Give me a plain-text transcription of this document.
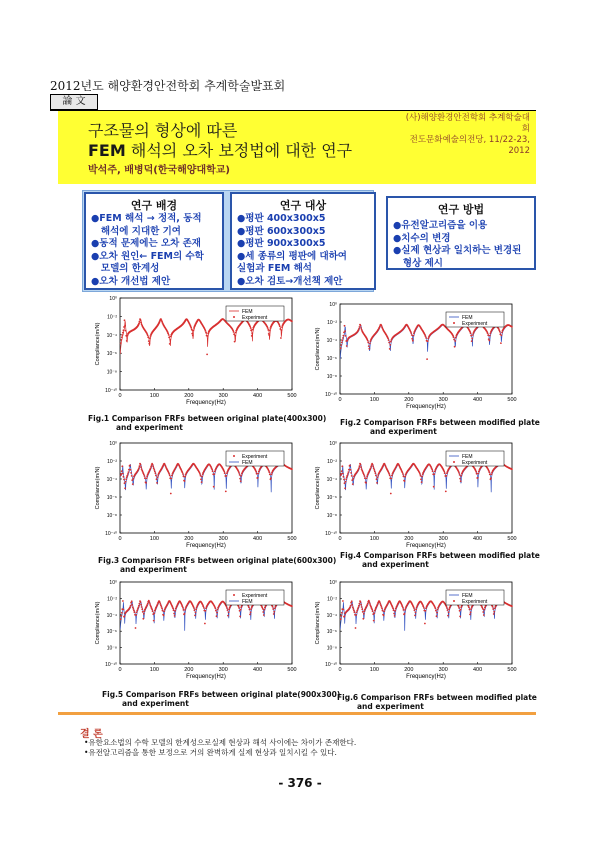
2012년도 해양환경안전학회 추계학술발표회
論 文
구조물의 형상에 따른
FEM 해석의 오차 보정법에 대한 연구
박석주, 배병덕(한국해양대학교)
(사)해양환경안전학회 추계학술대회
전도문화예술의전당, 11/22-23, 2012
연구 배경
●FEM 해석 → 정적, 동적
해석에 지대한 기여
●동적 문제에는 오차 존재
●오차 원인← FEM의 수학
모델의 한계성
●오차 개선법 제안
연구 대상
●평판 400x300x5
●평판 600x300x5
●평판 900x300x5
●세 종류의 평판에 대하여
실험과 FEM 해석
●오차 검토→개선책 제안
연구 방법
●유전알고리즘을 이용
●치수의 변경
●실제 현상과 일치하는 변경된
형상 제시
0	100	200	300	400	500
10⁰
10⁻²
10⁻⁴
10⁻⁶
10⁻⁸
10⁻¹⁰
Frequency(Hz)
Compliance(m/N)
FEM
Experiment
0	100	200	300	400	500
10⁰
10⁻²
10⁻⁴
10⁻⁶
10⁻⁸
10⁻¹⁰
Frequency(Hz)
Compliance(m/N)
FEM
Experiment
0	100	200	300	400	500
10⁰
10⁻²
10⁻⁴
10⁻⁶
10⁻⁸
10⁻¹⁰
Frequency(Hz)
Compliance(m/N)
Experiment
FEM
0	100	200	300	400	500
10⁰
10⁻²
10⁻⁴
10⁻⁶
10⁻⁸
10⁻¹⁰
Frequency(Hz)
Compliance(m/N)
FEM
Experiment
0	100	200	300	400	500
10⁰
10⁻²
10⁻⁴
10⁻⁶
10⁻⁸
10⁻¹⁰
Frequency(Hz)
Compliance(m/N)
Experiment
FEM
0	100	200	300	400	500
10⁰
10⁻²
10⁻⁴
10⁻⁶
10⁻⁸
10⁻¹⁰
Frequency(Hz)
Compliance(m/N)
FEM
Experiment
Fig.1 Comparison FRFs between original plate(400x300)
and experiment
Fig.2 Comparison FRFs between modified plate
and experiment
Fig.3 Comparison FRFs between original plate(600x300)
and experiment
Fig.4 Comparison FRFs between modified plate
and experiment
Fig.5 Comparison FRFs between original plate(900x300)
and experiment
Fig.6 Comparison FRFs between modified plate
and experiment
결 론
•유한요소법의 수학 모델의 한계성으로실제 현상과 해석 사이에는 차이가 존재한다.
•유전알고리즘을 통한 보정으로 거의 완벽하게 실제 현상과 일치시킬 수 있다.
- 376 -
